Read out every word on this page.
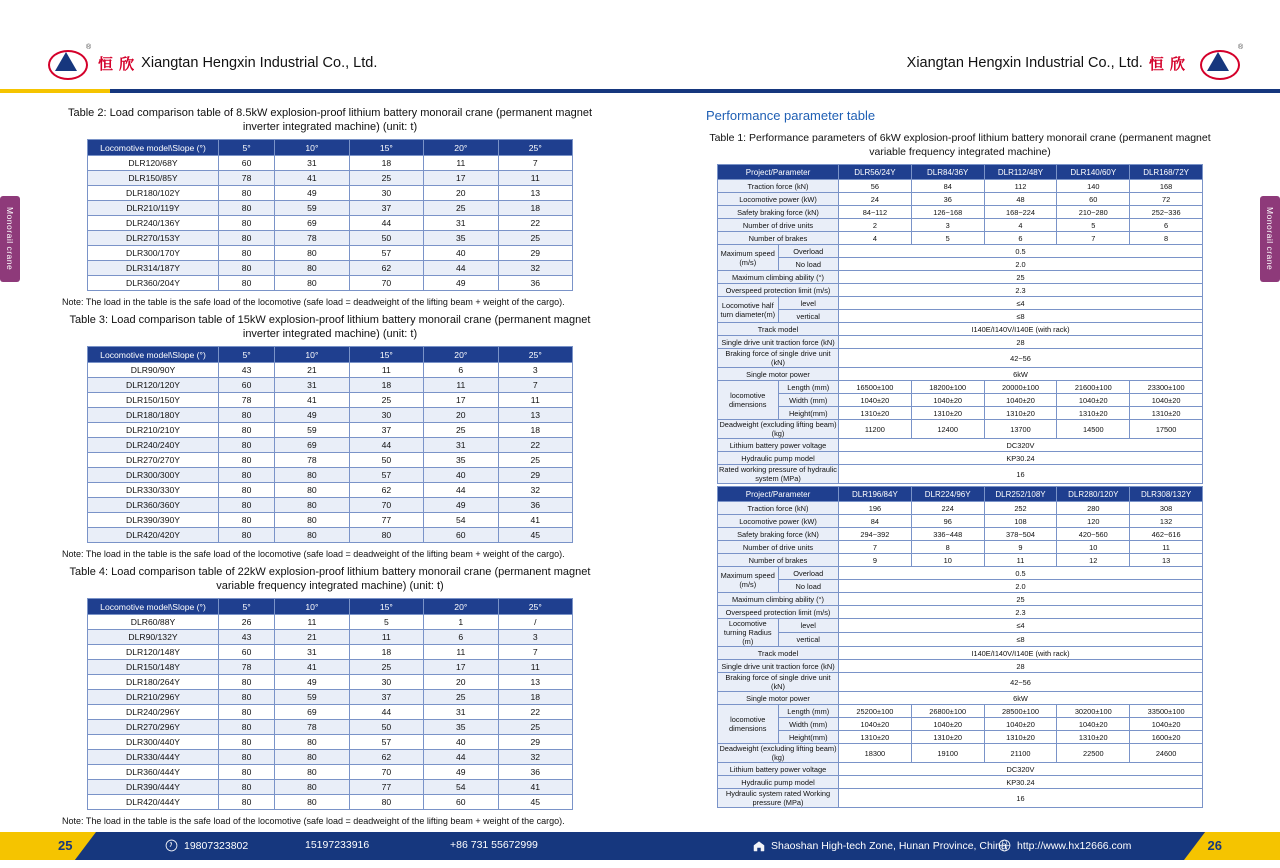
®
恒 欣 Xiangtan Hengxin Industrial Co., Ltd.	Xiangtan Hengxin Industrial Co., Ltd. 恒 欣
®
Monorail crane	Monorail crane
Table 2: Load comparison table of 8.5kW explosion-proof lithium battery monorail crane (permanent magnet inverter integrated machine) (unit: t)
Locomotive model\Slope (°)	5°	10°	15°	20°	25°
DLR120/68Y	60	31	18	11	7
DLR150/85Y	78	41	25	17	11
DLR180/102Y	80	49	30	20	13
DLR210/119Y	80	59	37	25	18
DLR240/136Y	80	69	44	31	22
DLR270/153Y	80	78	50	35	25
DLR300/170Y	80	80	57	40	29
DLR314/187Y	80	80	62	44	32
DLR360/204Y	80	80	70	49	36
Note: The load in the table is the safe load of the locomotive (safe load = deadweight of the lifting beam + weight of the cargo).
Table 3: Load comparison table of 15kW explosion-proof lithium battery monorail crane (permanent magnet inverter integrated machine) (unit: t)
Locomotive model\Slope (°)	5°	10°	15°	20°	25°
DLR90/90Y	43	21	11	6	3
DLR120/120Y	60	31	18	11	7
DLR150/150Y	78	41	25	17	11
DLR180/180Y	80	49	30	20	13
DLR210/210Y	80	59	37	25	18
DLR240/240Y	80	69	44	31	22
DLR270/270Y	80	78	50	35	25
DLR300/300Y	80	80	57	40	29
DLR330/330Y	80	80	62	44	32
DLR360/360Y	80	80	70	49	36
DLR390/390Y	80	80	77	54	41
DLR420/420Y	80	80	80	60	45
Note: The load in the table is the safe load of the locomotive (safe load = deadweight of the lifting beam + weight of the cargo).
Table 4: Load comparison table of 22kW explosion-proof lithium battery monorail crane (permanent magnet variable frequency integrated machine) (unit: t)
Locomotive model\Slope (°)	5°	10°	15°	20°	25°
DLR60/88Y	26	11	5	1	/
DLR90/132Y	43	21	11	6	3
DLR120/148Y	60	31	18	11	7
DLR150/148Y	78	41	25	17	11
DLR180/264Y	80	49	30	20	13
DLR210/296Y	80	59	37	25	18
DLR240/296Y	80	69	44	31	22
DLR270/296Y	80	78	50	35	25
DLR300/440Y	80	80	57	40	29
DLR330/444Y	80	80	62	44	32
DLR360/444Y	80	80	70	49	36
DLR390/444Y	80	80	77	54	41
DLR420/444Y	80	80	80	60	45
Note: The load in the table is the safe load of the locomotive (safe load = deadweight of the lifting beam + weight of the cargo).
Performance parameter table
Table 1: Performance parameters of 6kW explosion-proof lithium battery monorail crane (permanent magnet variable frequency integrated machine)
Project/Parameter		DLR56/24Y	DLR84/36Y	DLR112/48Y	DLR140/60Y	DLR168/72Y
Traction force (kN)		56	84	112	140	168
Locomotive power (kW)		24	36	48	60	72
Safety braking force (kN)		84~112	126~168	168~224	210~280	252~336
Number of drive units		2	3	4	5	6
Number of brakes		4	5	6	7	8
Maximum speed (m/s)	Overload	0.5				
	No load	2.0				
Maximum climbing ability (°)		25				
Overspeed protection limit (m/s)		2.3				
Locomotive half turn diameter(m)	level	≤4				
	vertical	≤8				
Track model		I140E/I140V/I140E (with rack)				
Single drive unit traction force (kN)		28				
Braking force of single drive unit (kN)		42~56				
Single motor power		6kW				
locomotive dimensions	Length (mm)	16500±100	18200±100	20000±100	21600±100	23300±100
	Width (mm)	1040±20	1040±20	1040±20	1040±20	1040±20
	Height(mm)	1310±20	1310±20	1310±20	1310±20	1310±20
Deadweight (excluding lifting beam) (kg)		11200	12400	13700	14500	17500
Lithium battery power voltage		DC320V				
Hydraulic pump model		KP30.24				
Rated working pressure of hydraulic system (MPa)		16				
Project/Parameter		DLR196/84Y	DLR224/96Y	DLR252/108Y	DLR280/120Y	DLR308/132Y
Traction force (kN)		196	224	252	280	308
Locomotive power (kW)		84	96	108	120	132
Safety braking force (kN)		294~392	336~448	378~504	420~560	462~616
Number of drive units		7	8	9	10	11
Number of brakes		9	10	11	12	13
Maximum speed (m/s)	Overload	0.5				
	No load	2.0				
Maximum climbing ability (°)		25				
Overspeed protection limit (m/s)		2.3				
Locomotive turning Radius (m)	level	≤4				
	vertical	≤8				
Track model		I140E/I140V/I140E (with rack)				
Single drive unit traction force (kN)		28				
Braking force of single drive unit (kN)		42~56				
Single motor power		6kW				
locomotive dimensions	Length (mm)	25200±100	26800±100	28500±100	30200±100	33500±100
	Width (mm)	1040±20	1040±20	1040±20	1040±20	1040±20
	Height(mm)	1310±20	1310±20	1310±20	1310±20	1600±20
Deadweight (excluding lifting beam) (kg)		18300	19100	21100	22500	24600
Lithium battery power voltage		DC320V				
Hydraulic pump model		KP30.24				
Hydraulic system rated Working pressure (MPa)		16				
25	26
19807323802	15197233916	+86 731 55672999	Shaoshan High-tech Zone, Hunan Province, China http://www.hx12666.com
